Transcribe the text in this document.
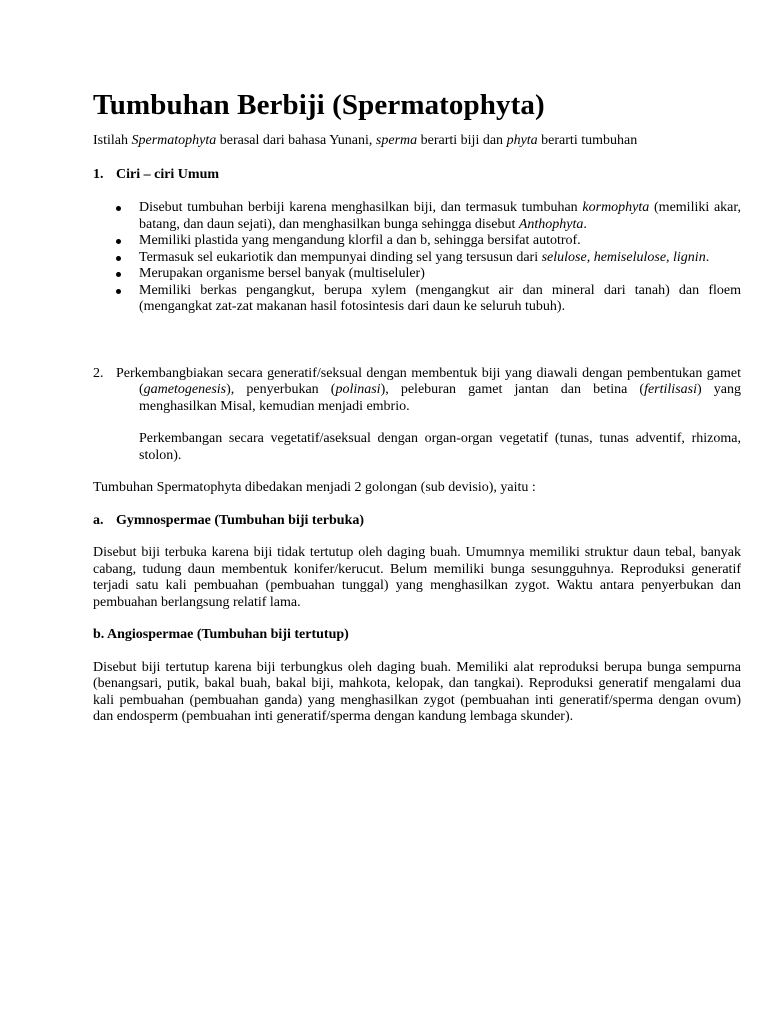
Tumbuhan Berbiji (Spermatophyta)

Istilah Spermatophyta berasal dari bahasa Yunani, sperma berarti biji dan phyta berarti tumbuhan

1. Ciri – ciri Umum

Disebut tumbuhan berbiji karena menghasilkan biji, dan termasuk tumbuhan kormophyta (memiliki akar, batang, dan daun sejati), dan menghasilkan bunga sehingga disebut Anthophyta.
Memiliki plastida yang mengandung klorfil a dan b, sehingga bersifat autotrof.
Termasuk sel eukariotik dan mempunyai dinding sel yang tersusun dari selulose, hemiselulose, lignin.
Merupakan organisme bersel banyak (multiseluler)
Memiliki berkas pengangkut, berupa xylem (mengangkut air dan mineral dari tanah) dan floem (mengangkat zat-zat makanan hasil fotosintesis dari daun ke seluruh tubuh).

2. Perkembangbiakan secara generatif/seksual dengan membentuk biji yang diawali dengan pembentukan gamet (gametogenesis), penyerbukan (polinasi), peleburan gamet jantan dan betina (fertilisasi) yang menghasilkan Misal, kemudian menjadi embrio.

Perkembangan secara vegetatif/aseksual dengan organ-organ vegetatif (tunas, tunas adventif, rhizoma, stolon).

Tumbuhan Spermatophyta dibedakan menjadi 2 golongan (sub devisio), yaitu :

a. Gymnospermae (Tumbuhan biji terbuka)

Disebut biji terbuka karena biji tidak tertutup oleh daging buah. Umumnya memiliki struktur daun tebal, banyak cabang, tudung daun membentuk konifer/kerucut. Belum memiliki bunga sesungguhnya. Reproduksi generatif terjadi satu kali pembuahan (pembuahan tunggal) yang menghasilkan zygot. Waktu antara penyerbukan dan pembuahan berlangsung relatif lama.

b. Angiospermae (Tumbuhan biji tertutup)

Disebut biji tertutup karena biji terbungkus oleh daging buah. Memiliki alat reproduksi berupa bunga sempurna (benangsari, putik, bakal buah, bakal biji, mahkota, kelopak, dan tangkai). Reproduksi generatif mengalami dua kali pembuahan (pembuahan ganda) yang menghasilkan zygot (pembuahan inti generatif/sperma dengan ovum) dan endosperm (pembuahan inti generatif/sperma dengan kandung lembaga skunder).
